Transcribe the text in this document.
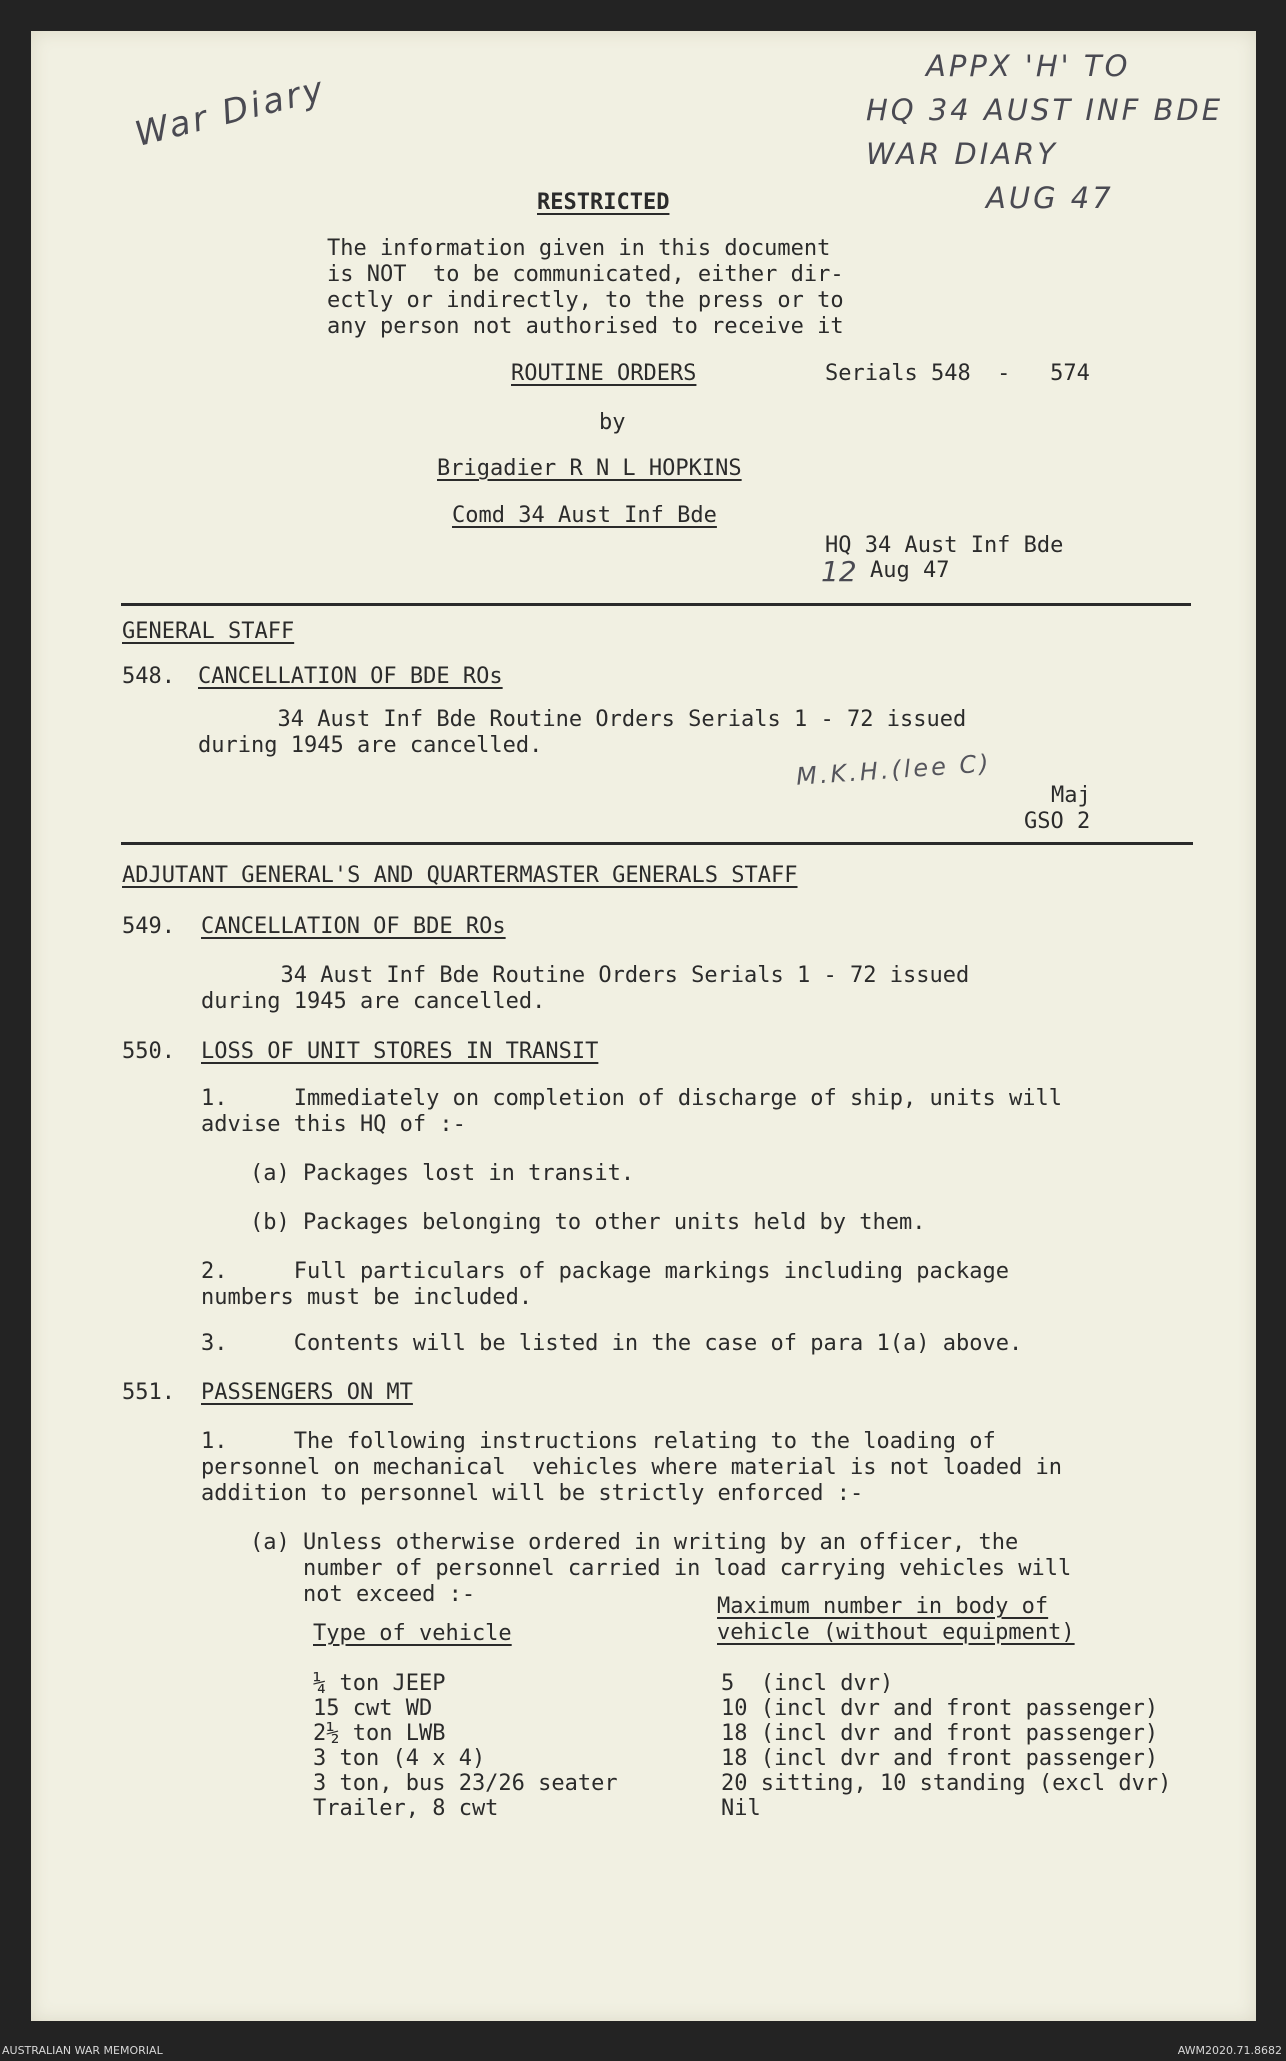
War Diary
APPX 'H' TO
HQ 34 AUST INF BDE
WAR DIARY
AUG 47
RESTRICTED
The information given in this document
is NOT  to be communicated, either dir-
ectly or indirectly, to the press or to
any person not authorised to receive it
ROUTINE ORDERS	Serials 548  -   574
by
Brigadier R N L HOPKINS
Comd 34 Aust Inf Bde
HQ 34 Aust Inf Bde
12 Aug 47
GENERAL STAFF
548. CANCELLATION OF BDE ROs
34 Aust Inf Bde Routine Orders Serials 1 - 72 issued
during 1945 are cancelled.
M.K.H.(lee C)
Maj
GSO 2
ADJUTANT GENERAL'S AND QUARTERMASTER GENERALS STAFF
549. CANCELLATION OF BDE ROs
34 Aust Inf Bde Routine Orders Serials 1 - 72 issued
during 1945 are cancelled.
550. LOSS OF UNIT STORES IN TRANSIT
1.     Immediately on completion of discharge of ship, units will
advise this HQ of :-
(a) Packages lost in transit.
(b) Packages belonging to other units held by them.
2.     Full particulars of package markings including package
numbers must be included.
3.     Contents will be listed in the case of para 1(a) above.
551. PASSENGERS ON MT
1.     The following instructions relating to the loading of
personnel on mechanical  vehicles where material is not loaded in
addition to personnel will be strictly enforced :-
(a) Unless otherwise ordered in writing by an officer, the
number of personnel carried in load carrying vehicles will
not exceed :-
Type of vehicle
Maximum number in body of
vehicle (without equipment)
¼ ton JEEP
15 cwt WD
2½ ton LWB
3 ton (4 x 4)
3 ton, bus 23/26 seater
Trailer, 8 cwt
5  (incl dvr)
10 (incl dvr and front passenger)
18 (incl dvr and front passenger)
18 (incl dvr and front passenger)
20 sitting, 10 standing (excl dvr)
Nil
AUSTRALIAN WAR MEMORIAL	AWM2020.71.8682
